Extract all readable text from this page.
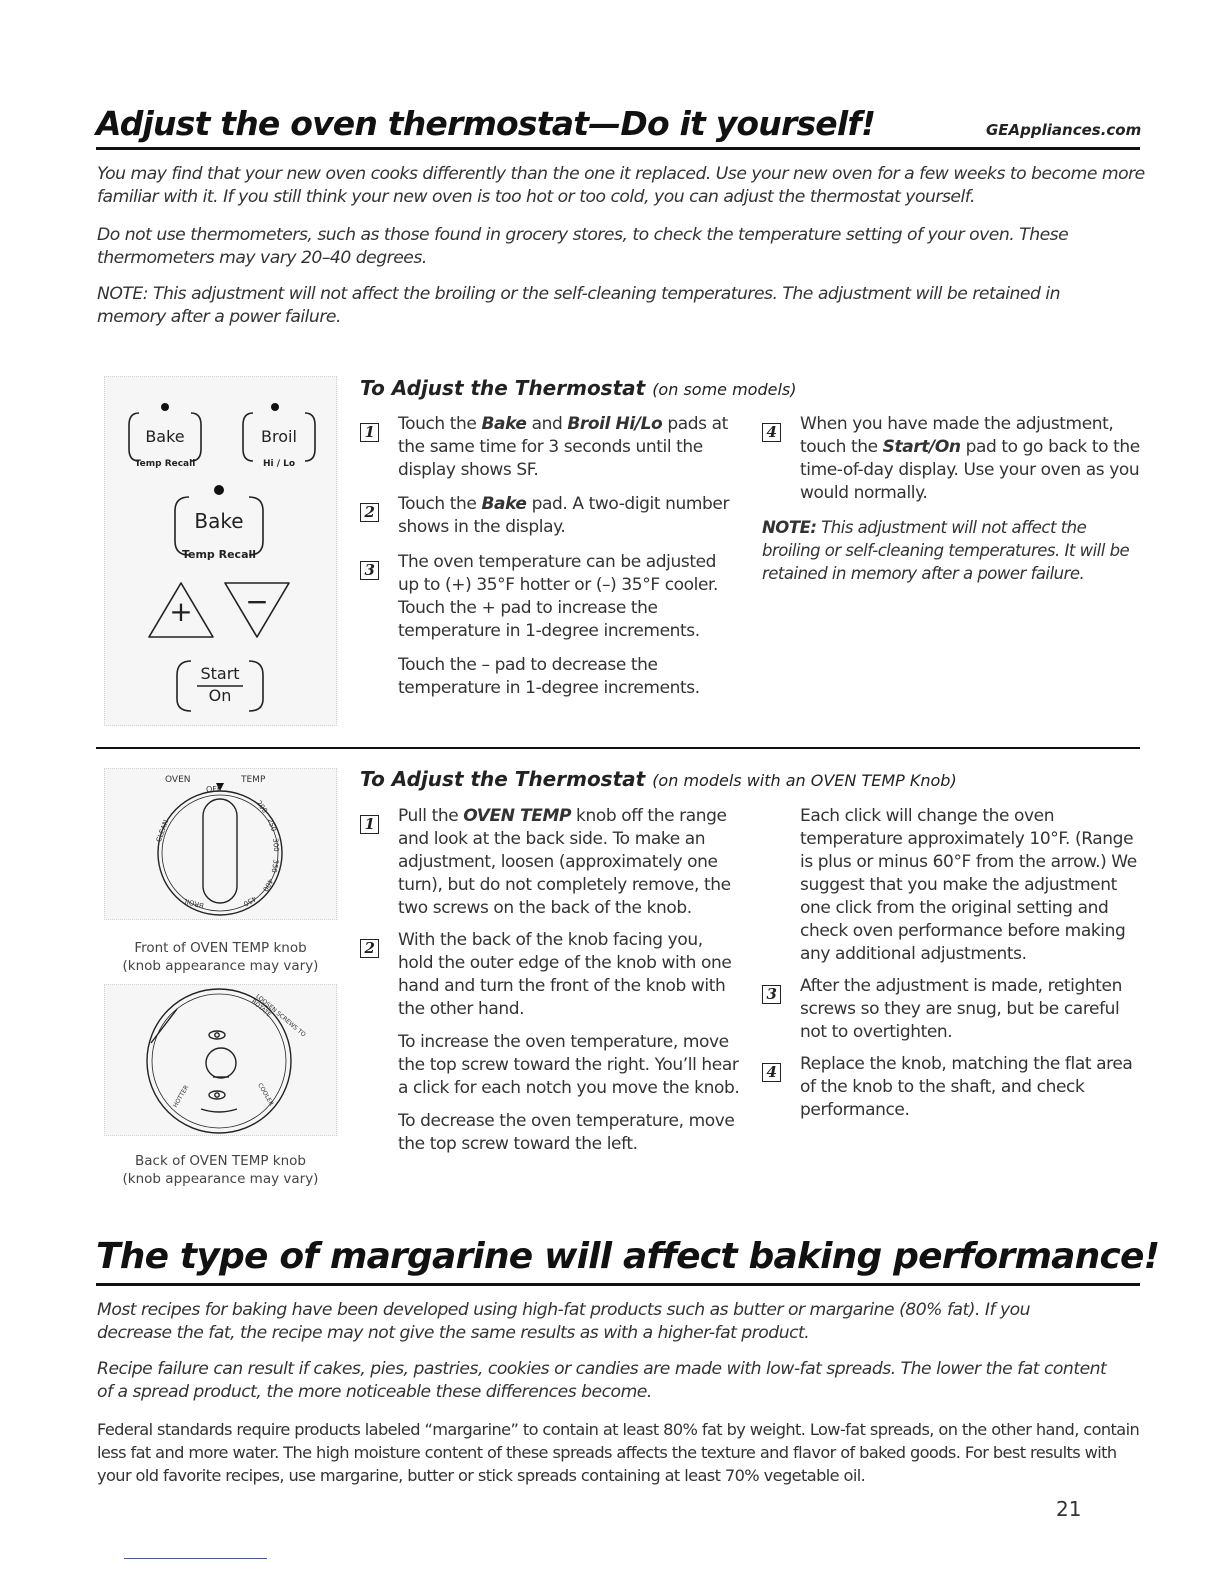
Adjust the oven thermostat—Do it yourself!	GEAppliances.com
You may find that your new oven cooks differently than the one it replaced. Use your new oven for a few weeks to become more familiar with it. If you still think your new oven is too hot or too cold, you can adjust the thermostat yourself.
Do not use thermometers, such as those found in grocery stores, to check the temperature setting of your oven. These thermometers may vary 20–40 degrees.
NOTE: This adjustment will not affect the broiling or the self-cleaning temperatures. The adjustment will be retained in memory after a power failure.
Bake
Temp Recall
Broil
Hi / Lo
Bake
Temp Recall
+ −
Start
On
To Adjust the Thermostat (on some models)
1 Touch the Bake and Broil Hi/Lo pads at the same time for 3 seconds until the display shows SF.
2 Touch the Bake pad. A two-digit number shows in the display.
3 The oven temperature can be adjusted up to (+) 35°F hotter or (–) 35°F cooler. Touch the + pad to increase the temperature in 1-degree increments.
Touch the – pad to decrease the temperature in 1-degree increments.
4 When you have made the adjustment, touch the Start/On pad to go back to the time-of-day display. Use your oven as you would normally.
NOTE: This adjustment will not affect the broiling or self-cleaning temperatures. It will be retained in memory after a power failure.
OVEN	TEMP
OFF
CLEAN
200
250
300
350
400
450
BROIL
Front of OVEN TEMP knob
(knob appearance may vary)
LOOSEN SCREWS TO ROTATE
HOTTER	COOLER
Back of OVEN TEMP knob
(knob appearance may vary)
To Adjust the Thermostat (on models with an OVEN TEMP Knob)
1 Pull the OVEN TEMP knob off the range and look at the back side. To make an adjustment, loosen (approximately one turn), but do not completely remove, the two screws on the back of the knob.
2 With the back of the knob facing you, hold the outer edge of the knob with one hand and turn the front of the knob with the other hand.

To increase the oven temperature, move the top screw toward the right. You’ll hear a click for each notch you move the knob.

To decrease the oven temperature, move the top screw toward the left.

Each click will change the oven temperature approximately 10°F. (Range is plus or minus 60°F from the arrow.) We suggest that you make the adjustment one click from the original setting and check oven performance before making any additional adjustments.
3 After the adjustment is made, retighten screws so they are snug, but be careful not to overtighten.
4 Replace the knob, matching the flat area of the knob to the shaft, and check performance.
The type of margarine will affect baking performance!
Most recipes for baking have been developed using high-fat products such as butter or margarine (80% fat). If you decrease the fat, the recipe may not give the same results as with a higher-fat product.
Recipe failure can result if cakes, pies, pastries, cookies or candies are made with low-fat spreads. The lower the fat content of a spread product, the more noticeable these differences become.
Federal standards require products labeled “margarine” to contain at least 80% fat by weight. Low-fat spreads, on the other hand, contain less fat and more water. The high moisture content of these spreads affects the texture and flavor of baked goods. For best results with your old favorite recipes, use margarine, butter or stick spreads containing at least 70% vegetable oil.
21
